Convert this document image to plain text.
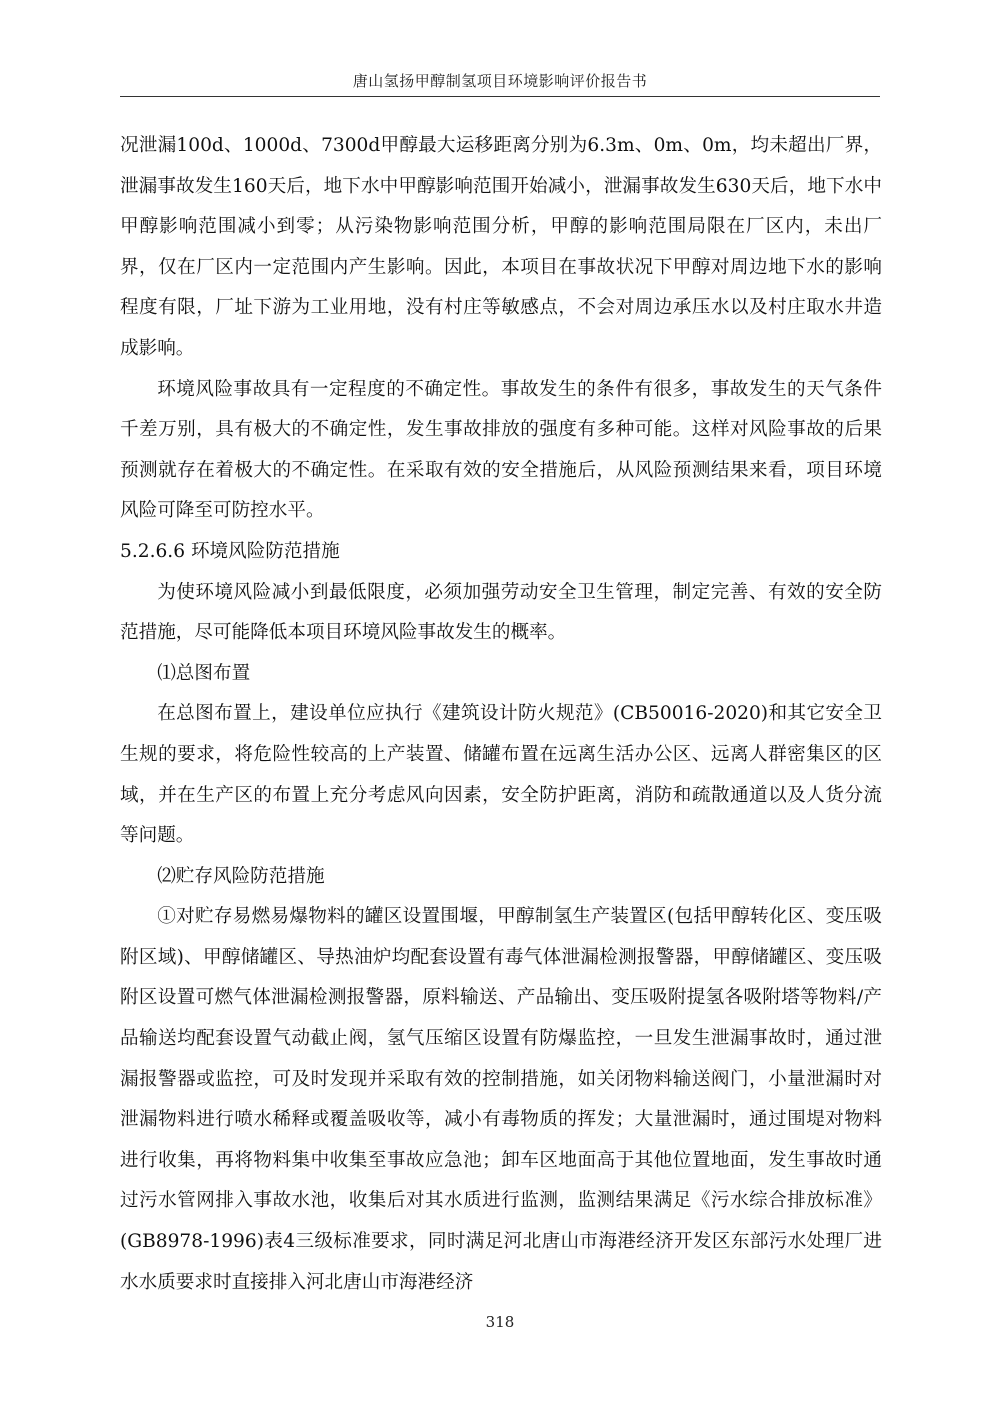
唐山氢扬甲醇制氢项目环境影响评价报告书

况泄漏100d、1000d、7300d甲醇最大运移距离分别为6.3m、0m、0m，均未超出厂界，泄漏事故发生160天后，地下水中甲醇影响范围开始减小，泄漏事故发生630天后，地下水中甲醇影响范围减小到零；从污染物影响范围分析，甲醇的影响范围局限在厂区内，未出厂界，仅在厂区内一定范围内产生影响。因此，本项目在事故状况下甲醇对周边地下水的影响程度有限，厂址下游为工业用地，没有村庄等敏感点，不会对周边承压水以及村庄取水井造成影响。

环境风险事故具有一定程度的不确定性。事故发生的条件有很多，事故发生的天气条件千差万别，具有极大的不确定性，发生事故排放的强度有多种可能。这样对风险事故的后果预测就存在着极大的不确定性。在采取有效的安全措施后，从风险预测结果来看，项目环境风险可降至可防控水平。

5.2.6.6 环境风险防范措施

为使环境风险减小到最低限度，必须加强劳动安全卫生管理，制定完善、有效的安全防范措施，尽可能降低本项目环境风险事故发生的概率。

⑴总图布置

在总图布置上，建设单位应执行《建筑设计防火规范》(CB50016-2020)和其它安全卫生规的要求，将危险性较高的上产装置、储罐布置在远离生活办公区、远离人群密集区的区域，并在生产区的布置上充分考虑风向因素，安全防护距离，消防和疏散通道以及人货分流等问题。

⑵贮存风险防范措施

①对贮存易燃易爆物料的罐区设置围堰，甲醇制氢生产装置区(包括甲醇转化区、变压吸附区域)、甲醇储罐区、导热油炉均配套设置有毒气体泄漏检测报警器，甲醇储罐区、变压吸附区设置可燃气体泄漏检测报警器，原料输送、产品输出、变压吸附提氢各吸附塔等物料/产品输送均配套设置气动截止阀，氢气压缩区设置有防爆监控，一旦发生泄漏事故时，通过泄漏报警器或监控，可及时发现并采取有效的控制措施，如关闭物料输送阀门，小量泄漏时对泄漏物料进行喷水稀释或覆盖吸收等，减小有毒物质的挥发；大量泄漏时，通过围堤对物料进行收集，再将物料集中收集至事故应急池；卸车区地面高于其他位置地面，发生事故时通过污水管网排入事故水池，收集后对其水质进行监测，监测结果满足《污水综合排放标准》(GB8978-1996)表4三级标准要求，同时满足河北唐山市海港经济开发区东部污水处理厂进水水质要求时直接排入河北唐山市海港经济

318
